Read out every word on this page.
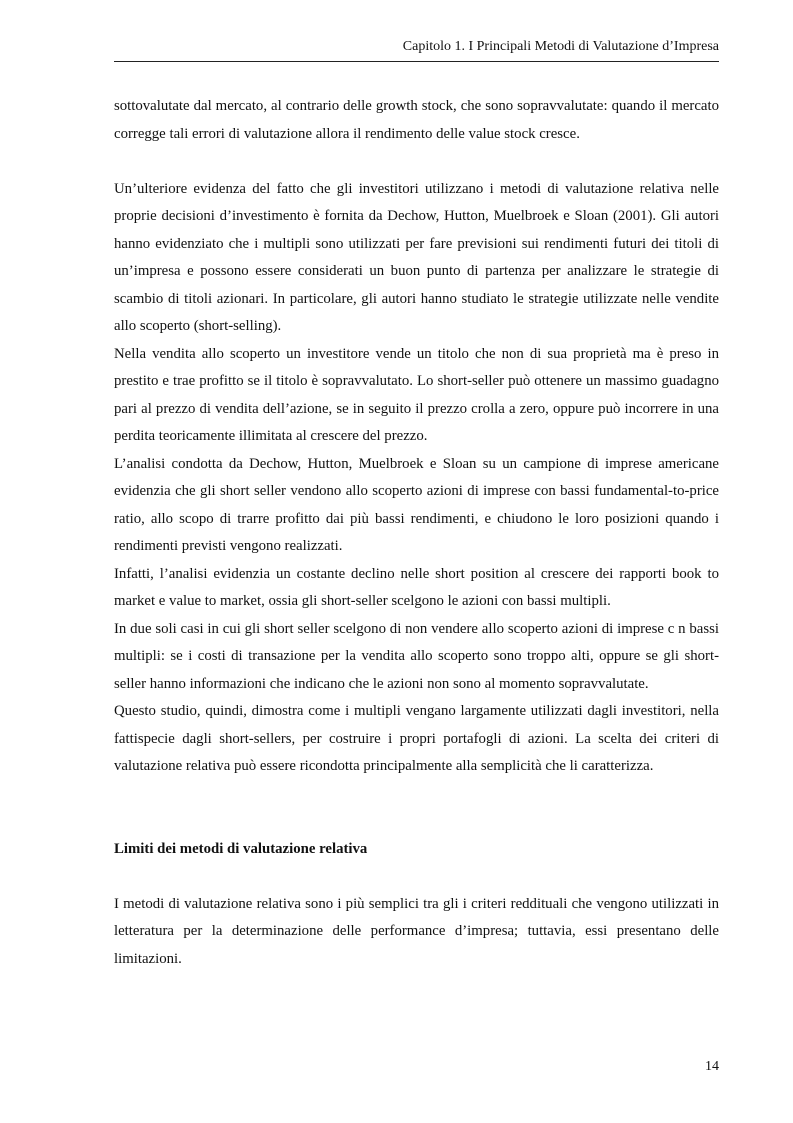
Capitolo 1. I Principali Metodi di Valutazione d’Impresa

sottovalutate dal mercato, al contrario delle growth stock, che sono sopravvalutate: quando il mercato corregge tali errori di valutazione allora il rendimento delle value stock cresce.

Un’ulteriore evidenza del fatto che gli investitori utilizzano i metodi di valutazione relativa nelle proprie decisioni d’investimento è fornita da Dechow, Hutton, Muelbroek e Sloan (2001). Gli autori hanno evidenziato che i multipli sono utilizzati per fare previsioni sui rendimenti futuri dei titoli di un’impresa e possono essere considerati un buon punto di partenza per analizzare le strategie di scambio di titoli azionari. In particolare, gli autori hanno studiato le strategie utilizzate nelle vendite allo scoperto (short-selling).

Nella vendita allo scoperto un investitore vende un titolo che non di sua proprietà ma è preso in prestito e trae profitto se il titolo è sopravvalutato. Lo short-seller può ottenere un massimo guadagno pari al prezzo di vendita dell’azione, se in seguito il prezzo crolla a zero, oppure può incorrere in una perdita teoricamente illimitata al crescere del prezzo.

L’analisi condotta da Dechow, Hutton, Muelbroek e Sloan su un campione di imprese americane evidenzia che gli short seller vendono allo scoperto azioni di imprese con bassi fundamental-to-price ratio, allo scopo di trarre profitto dai più bassi rendimenti, e chiudono le loro posizioni quando i rendimenti previsti vengono realizzati.

Infatti, l’analisi evidenzia un costante declino nelle short position al crescere dei rapporti book to market e value to market, ossia gli short-seller scelgono le azioni con bassi multipli.

In due soli casi in cui gli short seller scelgono di non vendere allo scoperto azioni di imprese c n bassi multipli: se i costi di transazione per la vendita allo scoperto sono troppo alti, oppure se gli short-seller hanno informazioni che indicano che le azioni non sono al momento sopravvalutate.

Questo studio, quindi, dimostra come i multipli vengano largamente utilizzati dagli investitori, nella fattispecie dagli short-sellers, per costruire i propri portafogli di azioni. La scelta dei criteri di valutazione relativa può essere ricondotta principalmente alla semplicità che li caratterizza.

Limiti dei metodi di valutazione relativa

I metodi di valutazione relativa sono i più semplici tra gli i criteri reddituali che vengono utilizzati in letteratura per la determinazione delle performance d’impresa; tuttavia, essi presentano delle limitazioni.

14
